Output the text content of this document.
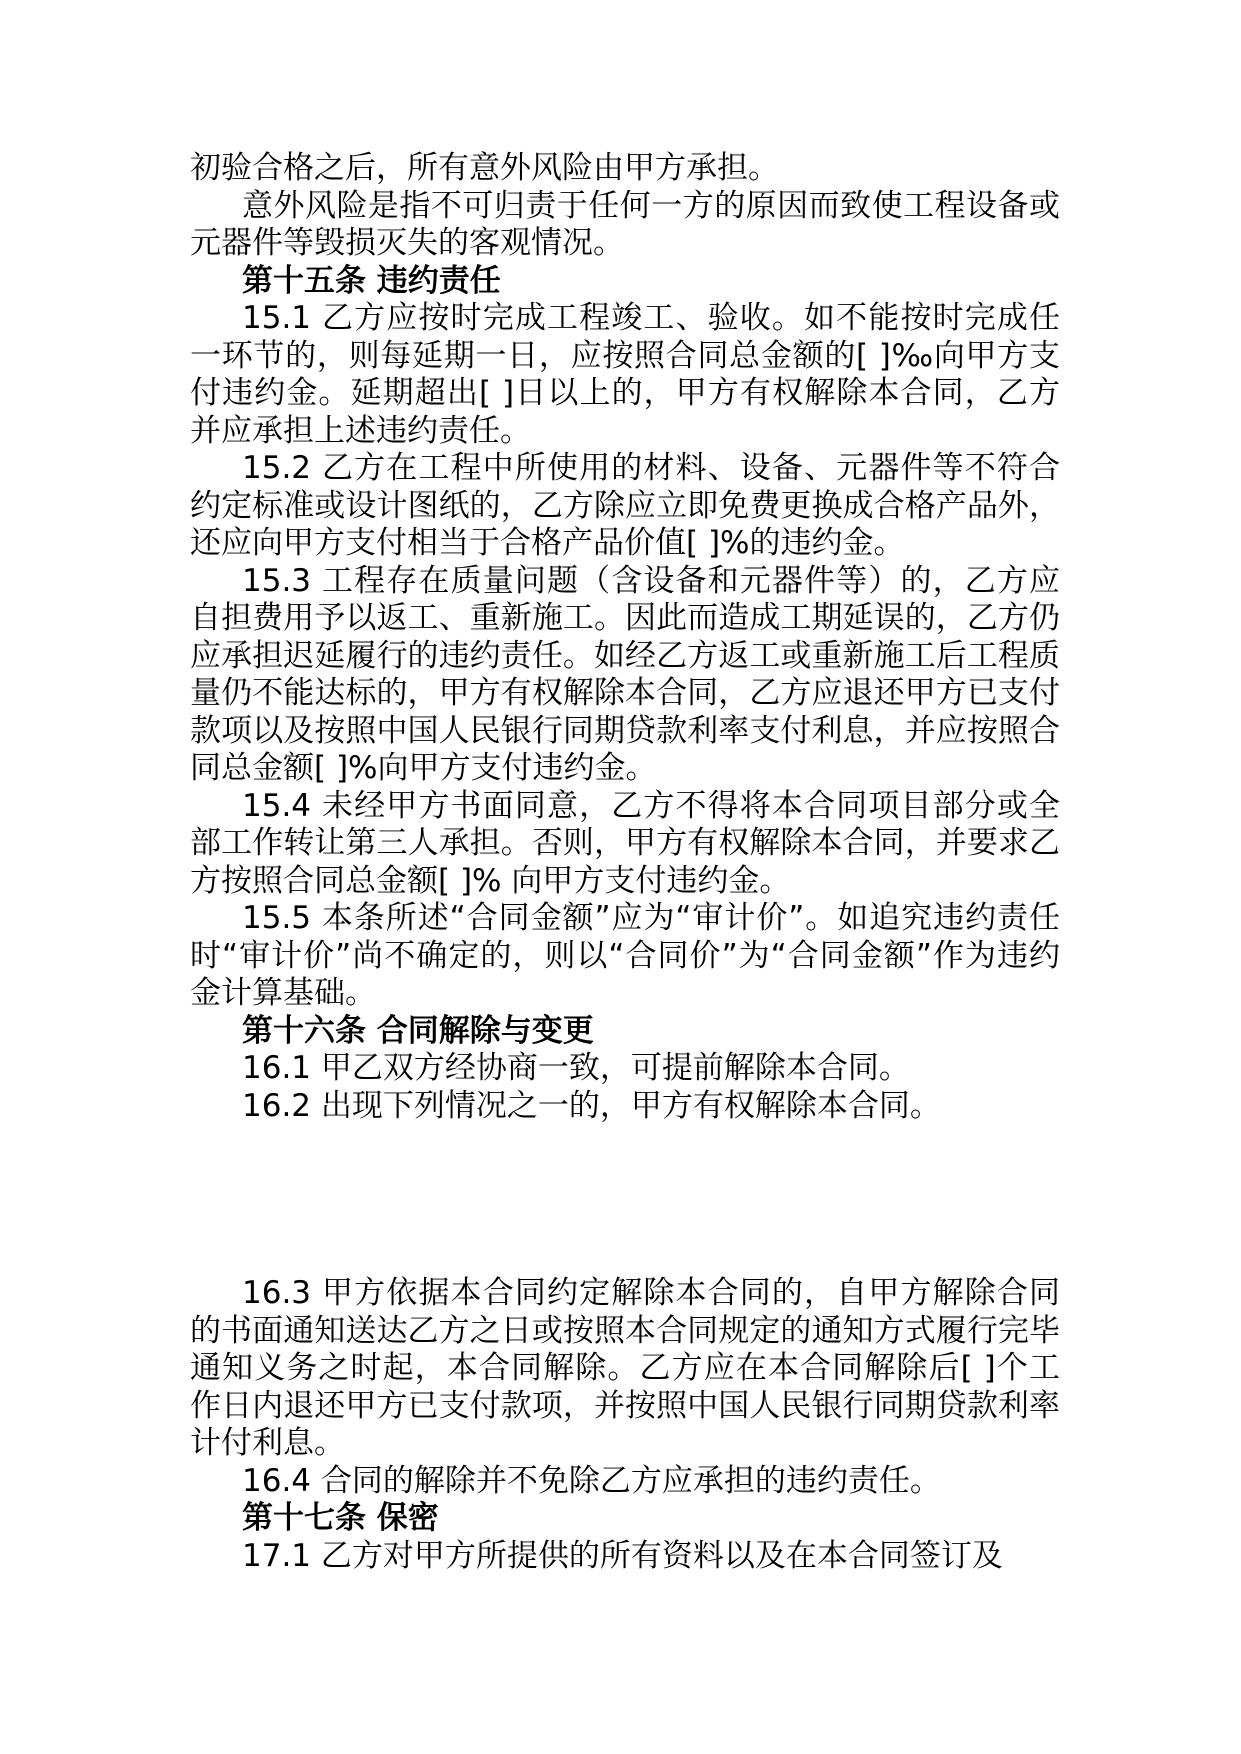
初验合格之后，所有意外风险由甲方承担。

意外风险是指不可归责于任何一方的原因而致使工程设备或元器件等毁损灭失的客观情况。

第十五条 违约责任

15.1 乙方应按时完成工程竣工、验收。如不能按时完成任一环节的，则每延期一日，应按照合同总金额的[ ]‰向甲方支付违约金。延期超出[ ]日以上的，甲方有权解除本合同，乙方并应承担上述违约责任。

15.2 乙方在工程中所使用的材料、设备、元器件等不符合约定标准或设计图纸的，乙方除应立即免费更换成合格产品外，还应向甲方支付相当于合格产品价值[ ]%的违约金。

15.3 工程存在质量问题（含设备和元器件等）的，乙方应自担费用予以返工、重新施工。因此而造成工期延误的，乙方仍应承担迟延履行的违约责任。如经乙方返工或重新施工后工程质量仍不能达标的，甲方有权解除本合同，乙方应退还甲方已支付款项以及按照中国人民银行同期贷款利率支付利息，并应按照合同总金额[ ]%向甲方支付违约金。

15.4 未经甲方书面同意，乙方不得将本合同项目部分或全部工作转让第三人承担。否则，甲方有权解除本合同，并要求乙方按照合同总金额[ ]% 向甲方支付违约金。

15.5 本条所述“合同金额”应为“审计价”。如追究违约责任时“审计价”尚不确定的，则以“合同价”为“合同金额”作为违约金计算基础。

第十六条 合同解除与变更

16.1 甲乙双方经协商一致，可提前解除本合同。

16.2 出现下列情况之一的，甲方有权解除本合同。

16.3 甲方依据本合同约定解除本合同的，自甲方解除合同的书面通知送达乙方之日或按照本合同规定的通知方式履行完毕通知义务之时起，本合同解除。乙方应在本合同解除后[ ]个工作日内退还甲方已支付款项，并按照中国人民银行同期贷款利率计付利息。

16.4 合同的解除并不免除乙方应承担的违约责任。

第十七条 保密

17.1 乙方对甲方所提供的所有资料以及在本合同签订及
